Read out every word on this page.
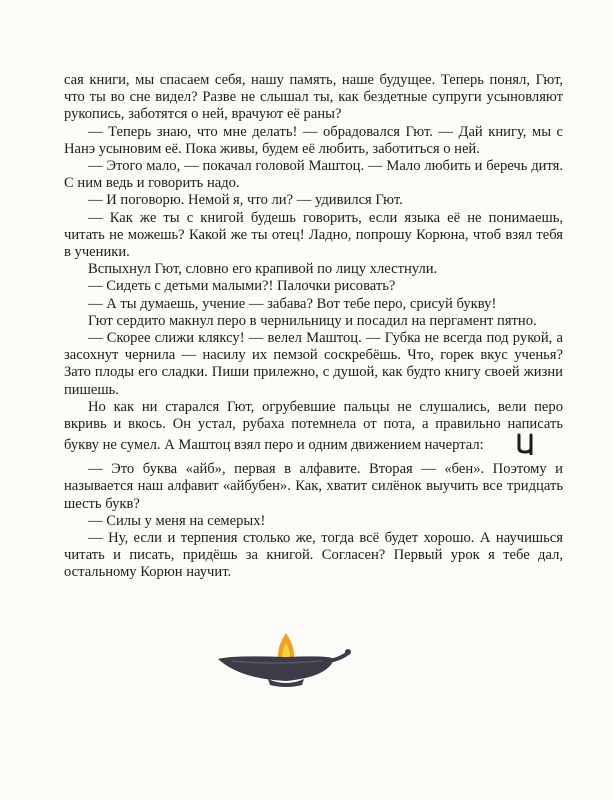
сая книги, мы спасаем себя, нашу память, наше будущее. Теперь понял, Гют, что ты во сне видел? Разве не слышал ты, как бездетные супруги усыновляют рукопись, заботятся о ней, врачуют её раны?

— Теперь знаю, что мне делать! — обрадовался Гют. — Дай книгу, мы с Нанэ усыновим её. Пока живы, будем её любить, заботиться о ней.

— Этого мало, — покачал головой Маштоц. — Мало любить и беречь дитя. С ним ведь и говорить надо.

— И поговорю. Немой я, что ли? — удивился Гют.

— Как же ты с книгой будешь говорить, если языка её не понимаешь, читать не можешь? Какой же ты отец! Ладно, попрошу Корюна, чтоб взял тебя в ученики.

Вспыхнул Гют, словно его крапивой по лицу хлестнули.

— Сидеть с детьми малыми?! Палочки рисовать?

— А ты думаешь, учение — забава? Вот тебе перо, срисуй букву!

Гют сердито макнул перо в чернильницу и посадил на пергамент пятно.

— Скорее слижи кляксу! — велел Маштоц. — Губка не всегда под рукой, а засохнут чернила — насилу их пемзой соскребёшь. Что, горек вкус ученья? Зато плоды его сладки. Пиши прилежно, с душой, как будто книгу своей жизни пишешь.

Но как ни старался Гют, огрубевшие пальцы не слушались, вели перо вкривь и вкось. Он устал, рубаха потемнела от пота, а правильно написать букву не сумел. А Маштоц взял перо и одним движением начертал:

— Это буква «айб», первая в алфавите. Вторая — «бен». Поэтому и называется наш алфавит «айбубен». Как, хватит силёнок выучить все тридцать шесть букв?

— Силы у меня на семерых!

— Ну, если и терпения столько же, тогда всё будет хорошо. А научишься читать и писать, придёшь за книгой. Согласен? Первый урок я тебе дал, остальному Корюн научит.
